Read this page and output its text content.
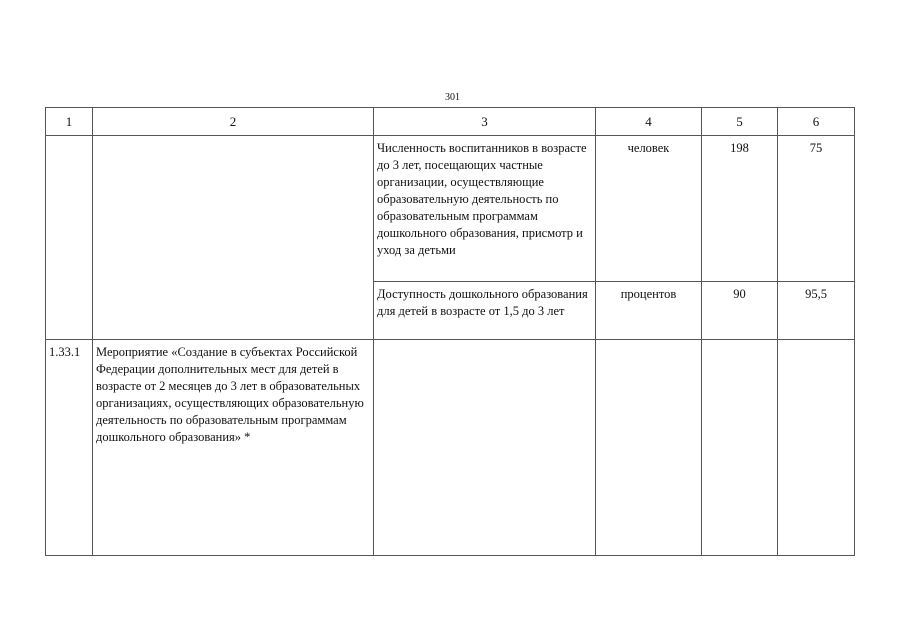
301
1	2	3	4	5	6

		Численность воспитанников в возрасте до 3 лет, посещающих частные организации, осуществляющие образовательную деятельность по образовательным программам дошкольного образования, присмотр и уход за детьми	человек	198	75

		Доступность дошкольного образования для детей в возрасте от 1,5 до 3 лет	процентов	90	95,5

1.33.1	Мероприятие «Создание в субъектах Российской Федерации дополнительных мест для детей в возрасте от 2 месяцев до 3 лет в образовательных организациях, осуществляющих образовательную деятельность по образовательным программам дошкольного образования» *				
